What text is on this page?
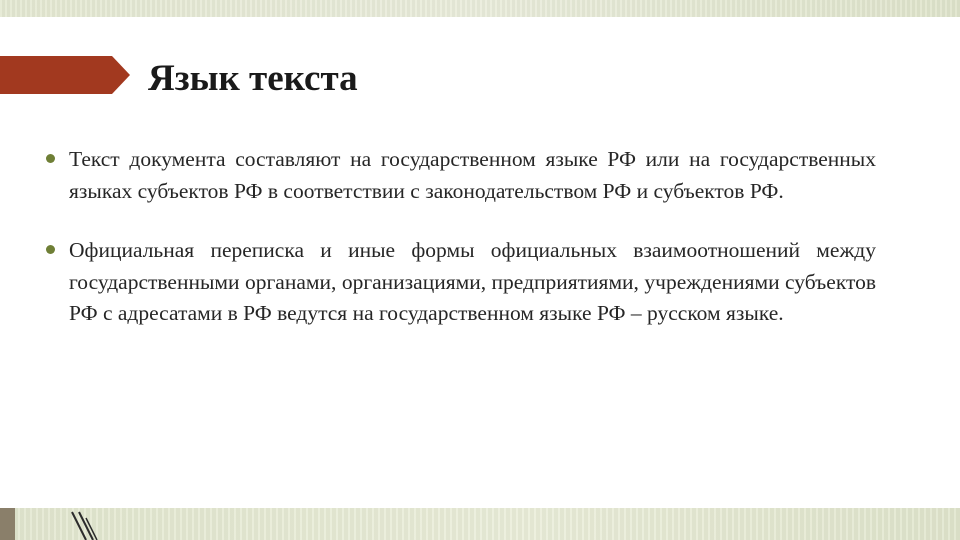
Язык текста
Текст документа составляют на государственном языке РФ или на государственных языках субъектов РФ в соответствии с законодательством РФ и субъектов РФ.
Официальная переписка и иные формы официальных взаимоотношений между государственными органами, организациями, предприятиями, учреждениями субъектов РФ с адресатами в РФ ведутся на государственном языке РФ – русском языке.
